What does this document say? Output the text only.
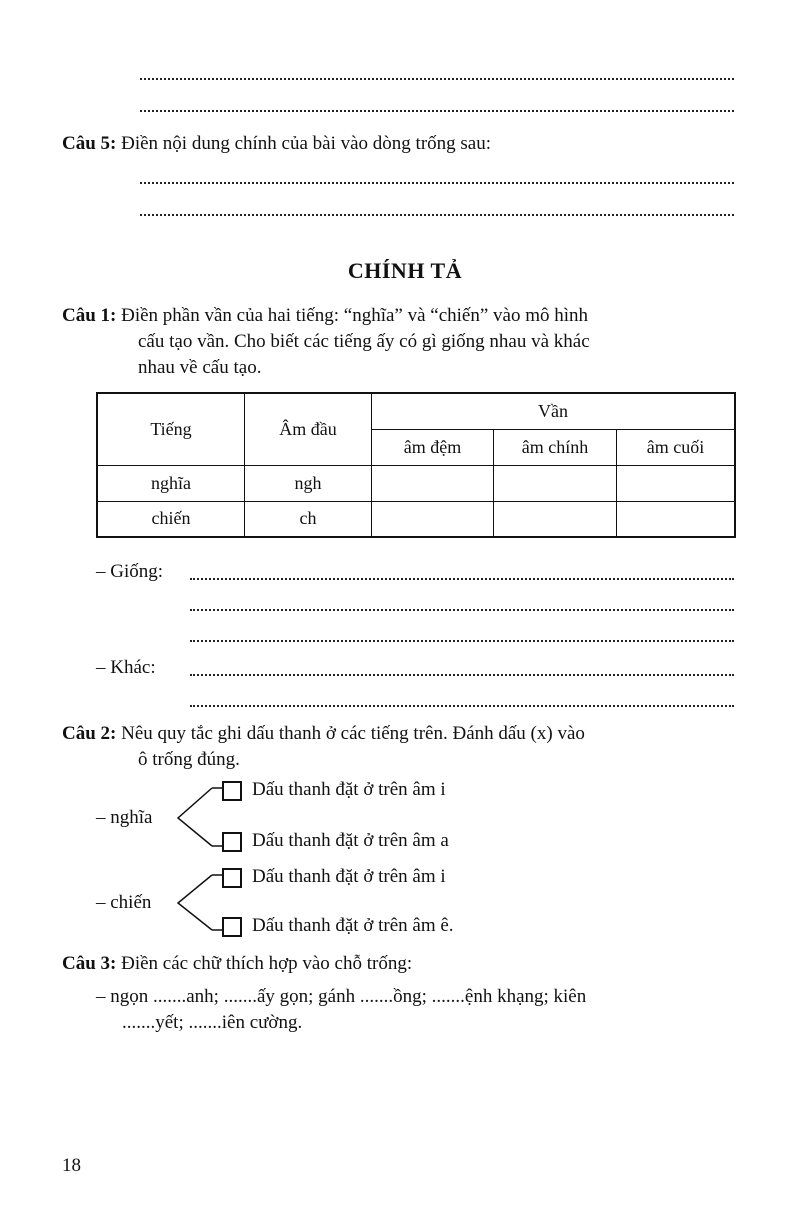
Câu 5: Điền nội dung chính của bài vào dòng trống sau:
CHÍNH TẢ
Câu 1: Điền phần vần của hai tiếng: “nghĩa” và “chiến” vào mô hình
cấu tạo vần. Cho biết các tiếng ấy có gì giống nhau và khác
nhau về cấu tạo.
Tiếng	Âm đầu	Vần		
		âm đệm	âm chính	âm cuối
nghĩa	ngh			
chiến	ch			
– Giống:
– Khác:
Câu 2: Nêu quy tắc ghi dấu thanh ở các tiếng trên. Đánh dấu (x) vào
ô trống đúng.
– nghĩa
Dấu thanh đặt ở trên âm i
Dấu thanh đặt ở trên âm a
– chiến
Dấu thanh đặt ở trên âm i
Dấu thanh đặt ở trên âm ê.
Câu 3: Điền các chữ thích hợp vào chỗ trống:
– ngọn .......anh; .......ấy gọn; gánh .......ồng; .......ệnh khạng; kiên
.......yết; .......iên cường.
18
